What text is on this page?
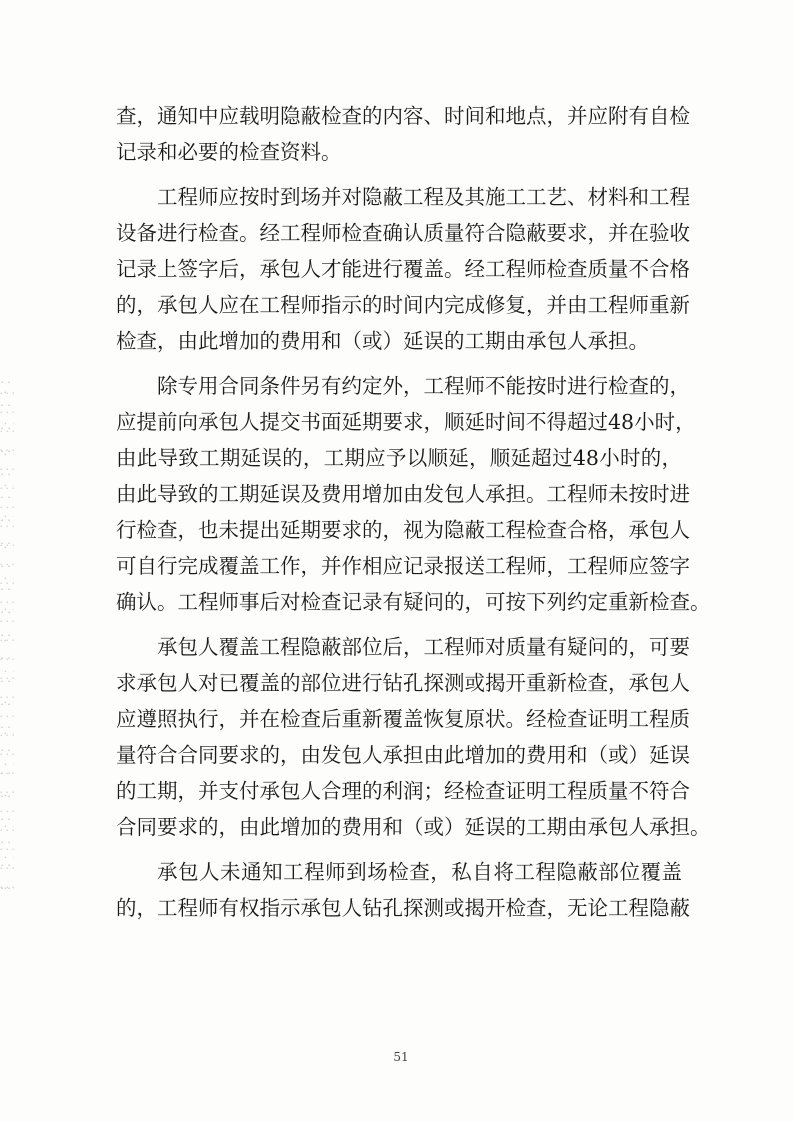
查，通知中应载明隐蔽检查的内容、时间和地点，并应附有自检
记录和必要的检查资料。
工程师应按时到场并对隐蔽工程及其施工工艺、材料和工程
设备进行检查。经工程师检查确认质量符合隐蔽要求，并在验收
记录上签字后，承包人才能进行覆盖。经工程师检查质量不合格
的，承包人应在工程师指示的时间内完成修复，并由工程师重新
检查，由此增加的费用和（或）延误的工期由承包人承担。
除专用合同条件另有约定外，工程师不能按时进行检查的，
应提前向承包人提交书面延期要求，顺延时间不得超过48小时，
由此导致工期延误的，工期应予以顺延，顺延超过48小时的，
由此导致的工期延误及费用增加由发包人承担。工程师未按时进
行检查，也未提出延期要求的，视为隐蔽工程检查合格，承包人
可自行完成覆盖工作，并作相应记录报送工程师，工程师应签字
确认。工程师事后对检查记录有疑问的，可按下列约定重新检查。
承包人覆盖工程隐蔽部位后，工程师对质量有疑问的，可要
求承包人对已覆盖的部位进行钻孔探测或揭开重新检查，承包人
应遵照执行，并在检查后重新覆盖恢复原状。经检查证明工程质
量符合合同要求的，由发包人承担由此增加的费用和（或）延误
的工期，并支付承包人合理的利润；经检查证明工程质量不符合
合同要求的，由此增加的费用和（或）延误的工期由承包人承担。
承包人未通知工程师到场检查，私自将工程隐蔽部位覆盖
的，工程师有权指示承包人钻孔探测或揭开检查，无论工程隐蔽
51
